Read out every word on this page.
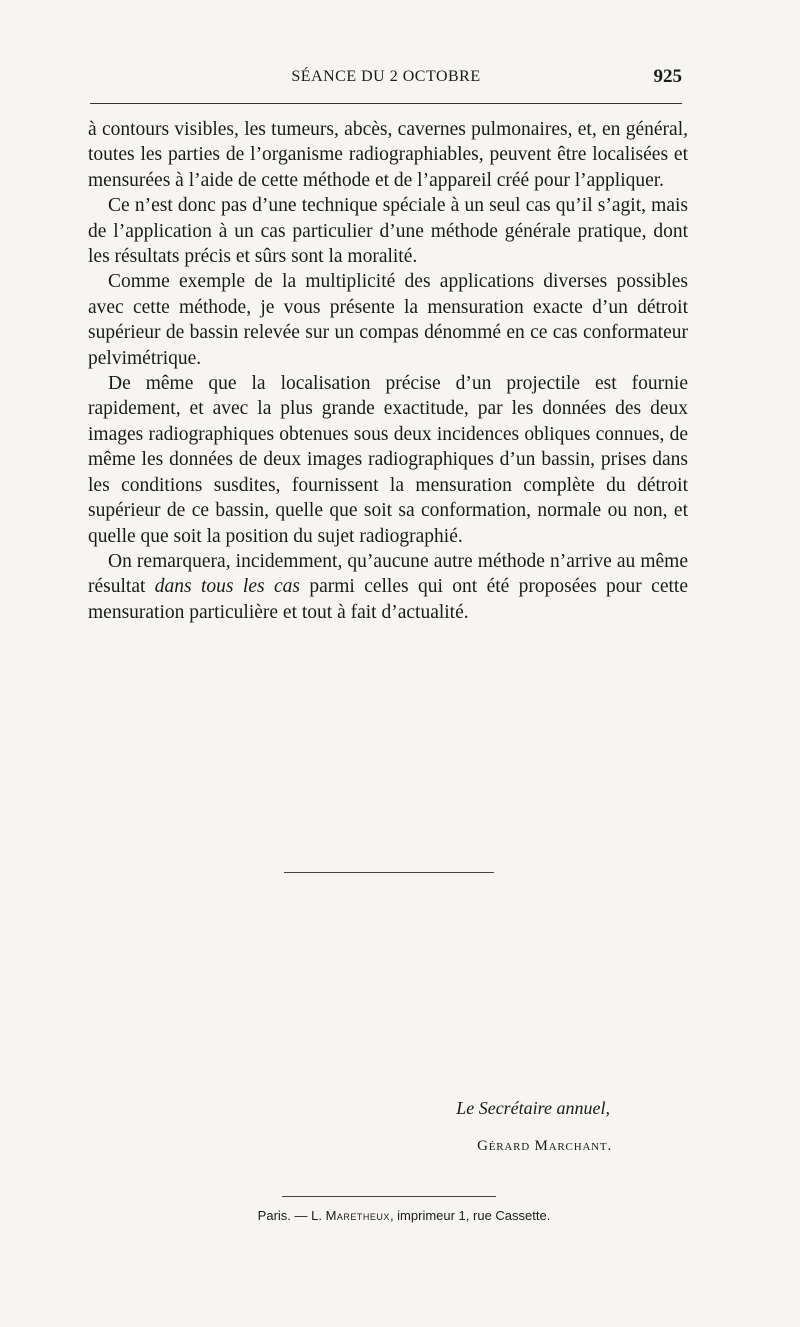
SÉANCE DU 2 OCTOBRE	925

à contours visibles, les tumeurs, abcès, cavernes pulmonaires, et, en général, toutes les parties de l’organisme radiographiables, peuvent être localisées et mensurées à l’aide de cette méthode et de l’appareil créé pour l’appliquer.

Ce n’est donc pas d’une technique spéciale à un seul cas qu’il s’agit, mais de l’application à un cas particulier d’une méthode générale pratique, dont les résultats précis et sûrs sont la moralité.

Comme exemple de la multiplicité des applications diverses possibles avec cette méthode, je vous présente la mensuration exacte d’un détroit supérieur de bassin relevée sur un compas dénommé en ce cas conformateur pelvimétrique.

De même que la localisation précise d’un projectile est fournie rapidement, et avec la plus grande exactitude, par les données des deux images radiographiques obtenues sous deux incidences obliques connues, de même les données de deux images radiographiques d’un bassin, prises dans les conditions susdites, fournissent la mensuration complète du détroit supérieur de ce bassin, quelle que soit sa conformation, normale ou non, et quelle que soit la position du sujet radiographié.

On remarquera, incidemment, qu’aucune autre méthode n’arrive au même résultat dans tous les cas parmi celles qui ont été proposées pour cette mensuration particulière et tout à fait d’actualité.

Le Secrétaire annuel,
Gérard Marchant.
Paris. — L. Maretheux, imprimeur 1, rue Cassette.
